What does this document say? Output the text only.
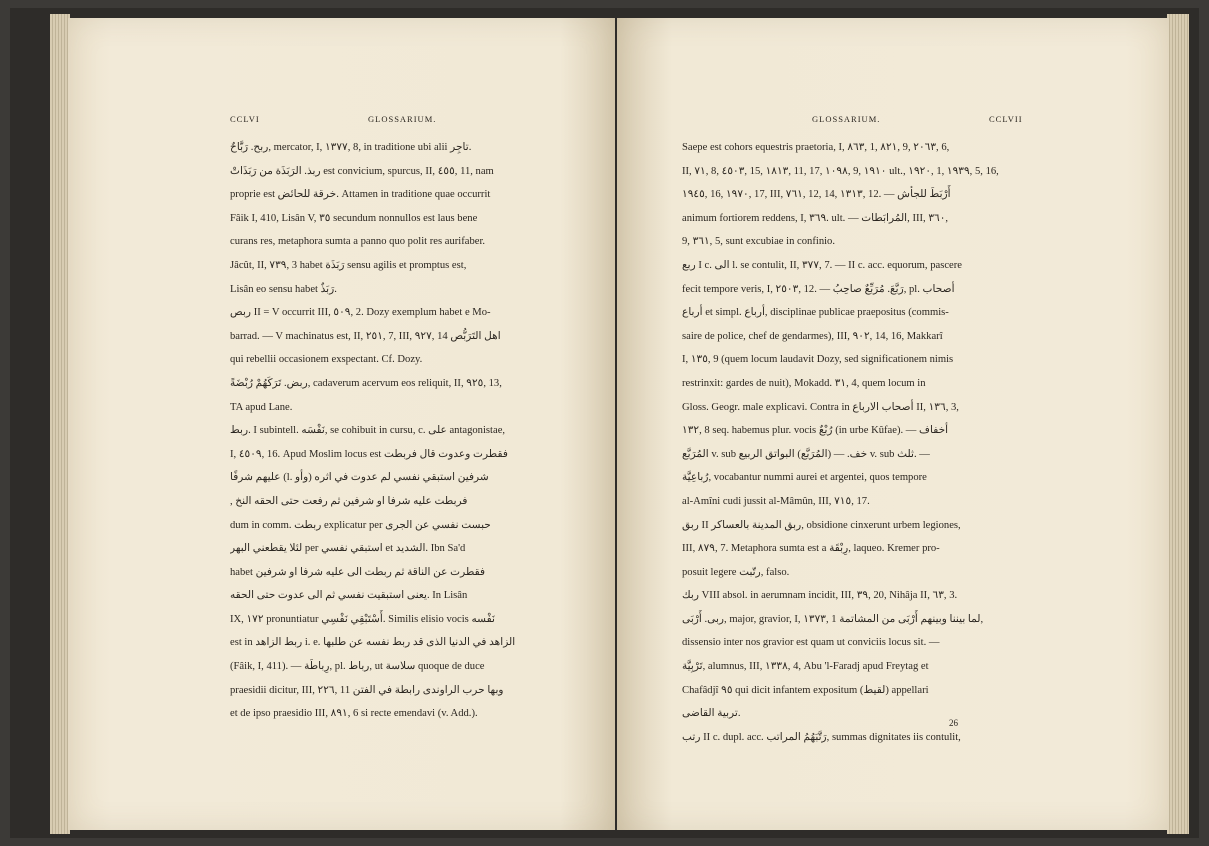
CCLVI	GLOSSARIUM.

ربح. رَبَّاحٌ, mercator, I, ١٣٧٧, 8, in traditione ubi alii تاجِر.

ربذ. الرَبَذَة من رَبَذَاتْ est convicium, spurcus, II, ٤٥٥, 11, nam

proprie est خرقة للحائض. Attamen in traditione quae occurrit

Fâik I, 410, Lisân V, ٣٥ secundum nonnullos est laus bene

curans res, metaphora sumta a panno quo polit res aurifaber.

Jâcût, II, ٧٣٩, 3 habet رَبَذَة sensu agilis et promptus est,

Lisân eo sensu habet رَبَذٌ.

ربص II = V occurrit III, ٥٠٩, 2. Dozy exemplum habet e Mo-

barrad. — V machinatus est, II, ٢٥١, 7, III, ٩٢٧, 14 اهل التَرَبُّص

qui rebellii occasionem exspectant. Cf. Dozy.

ربض. تَرَكَهُمْ رُبْضَةً, cadaverum acervum eos reliquit, II, ٩٢٥, 13,

TA apud Lane.

ربط. I subintell. نَفْسَه, se cohibuit in cursu, c. على antagonistae,

I, ٤٥٠٩, 16. Apud Moslim locus est فقطرت وعدوت قال فربطت

عليهم شرفًا (l. وأو) شرفين استبقي نفسي لم عدوت في اثره

, فربطت عليه شرفا او شرفين ثم رفعت حتى الحقه النخ

dum in comm. ربطت explicatur per حبست نفسي عن الجرى

لئلا يقطعني البهر per استبقي نفسي et الشديد. Ibn Sa'd

habet فقطرت عن الناقة ثم ربطت الى عليه شرفا او شرفين

يعنى استبقيت نفسي ثم الى عدوت حتى الحقه. In Lisân

IX, ١٧٢ pronuntiatur أَسْتَبْقِي نَفْسِي. Similis elisio vocis نَفْسه

est in ربط الزاهد i. e. الزاهد في الدنيا الذى قد ربط نفسه عن طلبها

(Fâik, I, 411). — رِباطَة, pl. رباط, ut سلاسة quoque de duce

praesidii dicitur, III, ٢٢٦, 11 وبها حرب الراوندى رابطة في الفتن

et de ipso praesidio III, ٨٩١, 6 si recte emendavi (v. Add.).

GLOSSARIUM.	CCLVII

Saepe est cohors equestris praetoria, I, ٨٦٣, 1, ٨٢١, 9, ٢٠٦٣, 6,

II, ٧١, 8, ٤٥٠٣, 15, ١٨١٣, 11, 17, ١٠٩٨, 9, ١٩١٠ ult., ١٩٢٠, 1, ١٩٣٩, 5, 16,

١٩٤٥, 16, ١٩٧٠, 17, III, ٧٦١, 12, 14, ١٣١٣, 12. — أَرْبَطَ للجأش

animum fortiorem reddens, I, ٣٦٩. ult. — المُرابَطات, III, ٣٦٠,

9, ٣٦١, 5, sunt excubiae in confinio.

ربع I c. الى l. se contulit, II, ٣٧٧, 7. — II c. acc. equorum, pascere

fecit tempore veris, I, ٢٥٠٣, 12. — رَبَّعَ. مُرَبِّعٌ صاحِبُ, pl. أصحاب

أرباع et simpl. أرباع, disciplinae publicae praepositus (commis-

saire de police, chef de gendarmes), III, ٩٠٢, 14, 16, Makkarî

I, ١٣٥, 9 (quem locum laudavit Dozy, sed significationem nimis

restrinxit: gardes de nuit), Mokadd. ٣١, 4, quem locum in

Gloss. Geogr. male explicavi. Contra in أصحاب الارباع II, ١٣٦, 3,

١٣٢, 8 seq. habemus plur. vocis رُبْعٌ (in urbe Kûfae). — أخفاف

المُرَبَّع v. sub خف. — (المُرَبَّع) البواتق الربيع v. sub ثلث. —

رُباعِيَّة, vocabantur nummi aurei et argentei, quos tempore

al-Amîni cudi jussit al-Mâmûn, III, ٧١٥, 17.

ربق II ربق المدينة بالعساكر, obsidione cinxerunt urbem legiones,

III, ٨٧٩, 7. Metaphora sumta est a رِبْقَة, laqueo. Kremer pro-

posuit legere رتّبت, falso.

ربك VIII absol. in aerumnam incidit, III, ٣٩, 20, Nihâja II, ٦٣, 3.

ربى. أَرْبَى, major, gravior, I, ١٣٧٣, 1 لما بيننا وبينهم أَرْبَى من المشاتمة,

dissensio inter nos gravior est quam ut conviciis locus sit. —

تَرْبِيَّة, alumnus, III, ١٣٣٨, 4, Abu 'l-Faradj apud Freytag et

Chafâdjî ٩٥ qui dicit infantem expositum (لقيط) appellari

تربية القاضى.

رتب II c. dupl. acc. رَتَّبَهُمُ المراتب, summas dignitates iis contulit,

26
